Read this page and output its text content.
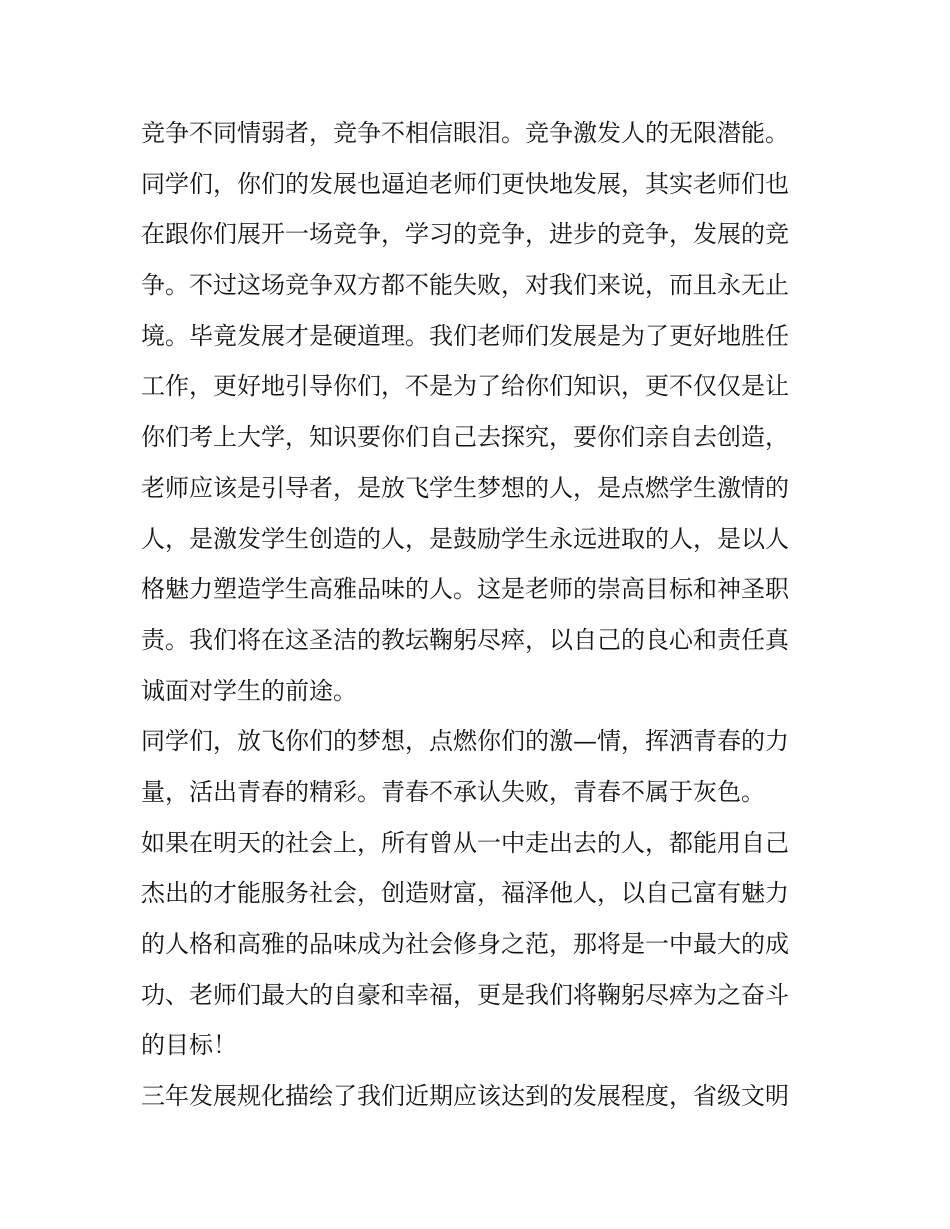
竞争不同情弱者，竞争不相信眼泪。竞争激发人的无限潜能。
同学们，你们的发展也逼迫老师们更快地发展，其实老师们也
在跟你们展开一场竞争，学习的竞争，进步的竞争，发展的竞
争。不过这场竞争双方都不能失败，对我们来说，而且永无止
境。毕竟发展才是硬道理。我们老师们发展是为了更好地胜任
工作，更好地引导你们，不是为了给你们知识，更不仅仅是让
你们考上大学，知识要你们自己去探究，要你们亲自去创造，
老师应该是引导者，是放飞学生梦想的人，是点燃学生激情的
人，是激发学生创造的人，是鼓励学生永远进取的人，是以人
格魅力塑造学生高雅品味的人。这是老师的崇高目标和神圣职
责。我们将在这圣洁的教坛鞠躬尽瘁，以自己的良心和责任真
诚面对学生的前途。
同学们，放飞你们的梦想，点燃你们的激—情，挥洒青春的力
量，活出青春的精彩。青春不承认失败，青春不属于灰色。
如果在明天的社会上，所有曾从一中走出去的人，都能用自己
杰出的才能服务社会，创造财富，福泽他人，以自己富有魅力
的人格和高雅的品味成为社会修身之范，那将是一中最大的成
功、老师们最大的自豪和幸福，更是我们将鞠躬尽瘁为之奋斗
的目标！
三年发展规化描绘了我们近期应该达到的发展程度，省级文明
